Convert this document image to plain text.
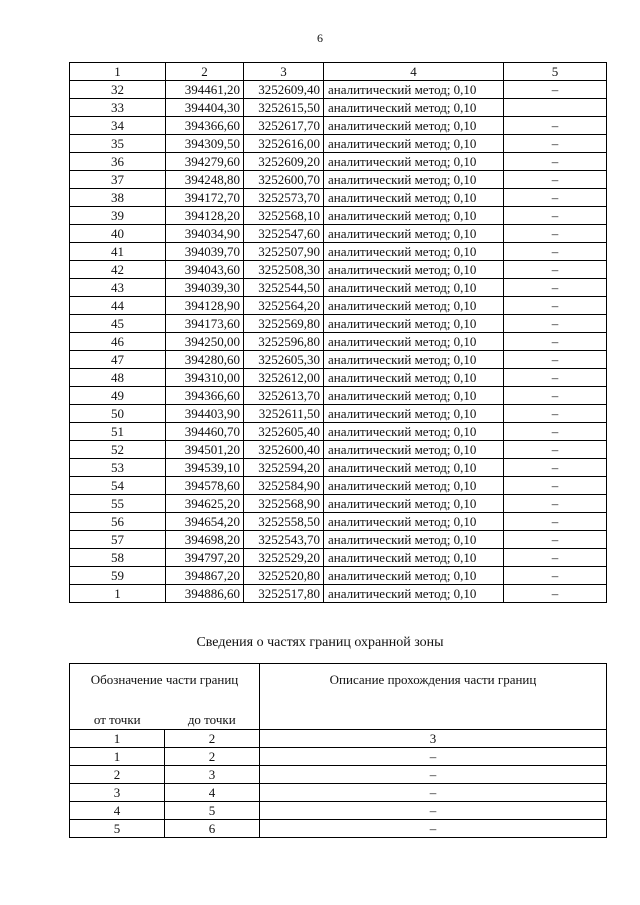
6
1	2	3	4	5
32	394461,20	3252609,40	аналитический метод; 0,10	–
33	394404,30	3252615,50	аналитический метод; 0,10	
34	394366,60	3252617,70	аналитический метод; 0,10	–
35	394309,50	3252616,00	аналитический метод; 0,10	–
36	394279,60	3252609,20	аналитический метод; 0,10	–
37	394248,80	3252600,70	аналитический метод; 0,10	–
38	394172,70	3252573,70	аналитический метод; 0,10	–
39	394128,20	3252568,10	аналитический метод; 0,10	–
40	394034,90	3252547,60	аналитический метод; 0,10	–
41	394039,70	3252507,90	аналитический метод; 0,10	–
42	394043,60	3252508,30	аналитический метод; 0,10	–
43	394039,30	3252544,50	аналитический метод; 0,10	–
44	394128,90	3252564,20	аналитический метод; 0,10	–
45	394173,60	3252569,80	аналитический метод; 0,10	–
46	394250,00	3252596,80	аналитический метод; 0,10	–
47	394280,60	3252605,30	аналитический метод; 0,10	–
48	394310,00	3252612,00	аналитический метод; 0,10	–
49	394366,60	3252613,70	аналитический метод; 0,10	–
50	394403,90	3252611,50	аналитический метод; 0,10	–
51	394460,70	3252605,40	аналитический метод; 0,10	–
52	394501,20	3252600,40	аналитический метод; 0,10	–
53	394539,10	3252594,20	аналитический метод; 0,10	–
54	394578,60	3252584,90	аналитический метод; 0,10	–
55	394625,20	3252568,90	аналитический метод; 0,10	–
56	394654,20	3252558,50	аналитический метод; 0,10	–
57	394698,20	3252543,70	аналитический метод; 0,10	–
58	394797,20	3252529,20	аналитический метод; 0,10	–
59	394867,20	3252520,80	аналитический метод; 0,10	–
1	394886,60	3252517,80	аналитический метод; 0,10	–
Сведения о частях границ охранной зоны
Обозначение части границ		Описание прохождения части границ
от точки	до точки	
1	2	3
1	2	–
2	3	–
3	4	–
4	5	–
5	6	–
